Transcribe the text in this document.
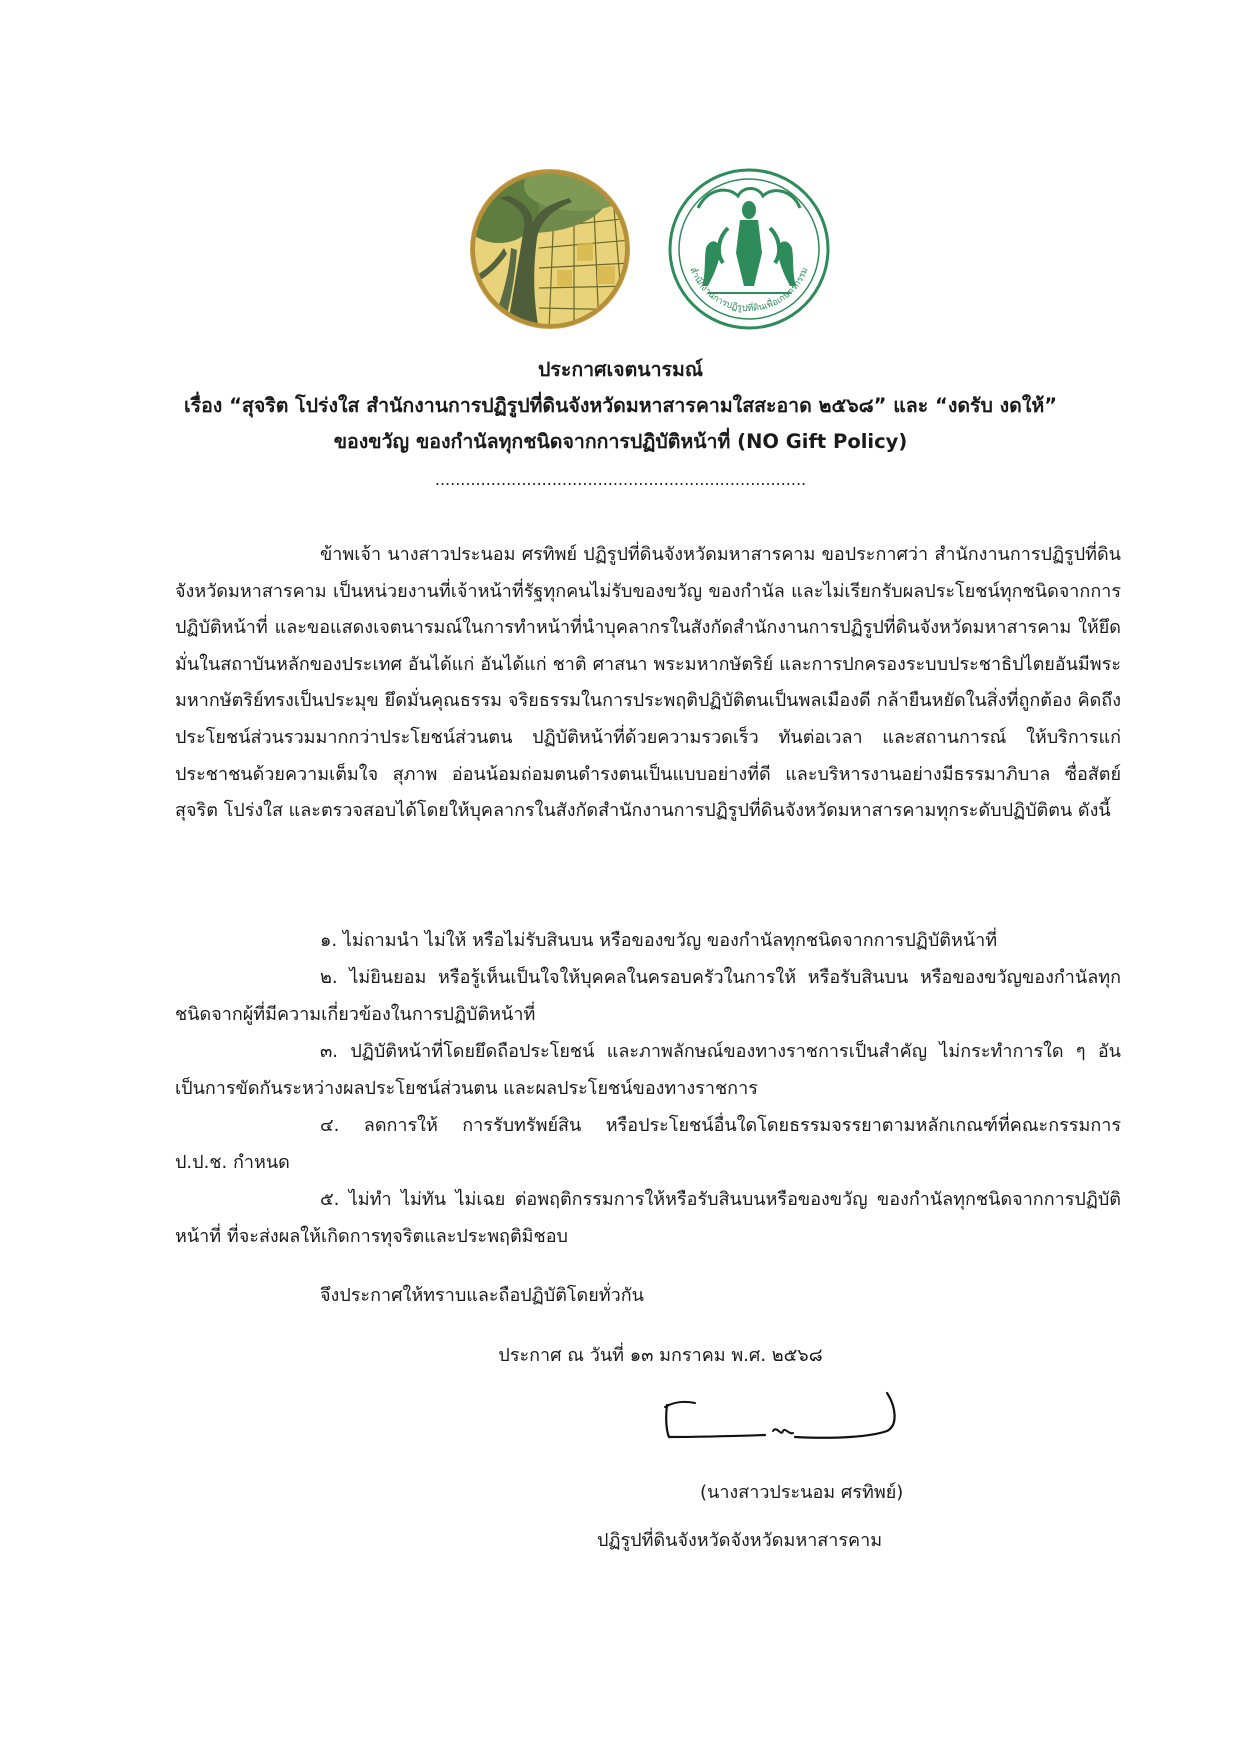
สำนักงานการปฏิรูปที่ดินเพื่อเกษตรกรรม
ประกาศเจตนารมณ์
เรื่อง “สุจริต โปร่งใส สำนักงานการปฏิรูปที่ดินจังหวัดมหาสารคามใสสะอาด ๒๕๖๘” และ “งดรับ งดให้”
ของขวัญ ของกำนัลทุกชนิดจากการปฏิบัติหน้าที่ (NO Gift Policy)
.........................................................................
ข้าพเจ้า นางสาวประนอม ศรทิพย์ ปฏิรูปที่ดินจังหวัดมหาสารคาม ขอประกาศว่า สำนักงานการปฏิรูปที่ดินจังหวัดมหาสารคาม เป็นหน่วยงานที่เจ้าหน้าที่รัฐทุกคนไม่รับของขวัญ ของกำนัล และไม่เรียกรับผลประโยชน์ทุกชนิดจากการปฏิบัติหน้าที่ และขอแสดงเจตนารมณ์ในการทำหน้าที่นำบุคลากรในสังกัดสำนักงานการปฏิรูปที่ดินจังหวัดมหาสารคาม ให้ยึดมั่นในสถาบันหลักของประเทศ อันได้แก่ อันได้แก่ ชาติ ศาสนา พระมหากษัตริย์ และการปกครองระบบประชาธิปไตยอันมีพระมหากษัตริย์ทรงเป็นประมุข ยึดมั่นคุณธรรม จริยธรรมในการประพฤติปฏิบัติตนเป็นพลเมืองดี กล้ายืนหยัดในสิ่งที่ถูกต้อง คิดถึงประโยชน์ส่วนรวมมากกว่าประโยชน์ส่วนตน ปฏิบัติหน้าที่ด้วยความรวดเร็ว ทันต่อเวลา และสถานการณ์ ให้บริการแก่ประชาชนด้วยความเต็มใจ สุภาพ อ่อนน้อมถ่อมตนดำรงตนเป็นแบบอย่างที่ดี และบริหารงานอย่างมีธรรมาภิบาล ซื่อสัตย์สุจริต โปร่งใส และตรวจสอบได้โดยให้บุคลากรในสังกัดสำนักงานการปฏิรูปที่ดินจังหวัดมหาสารคามทุกระดับปฏิบัติตน ดังนี้

๑. ไม่ถามนำ ไม่ให้ หรือไม่รับสินบน หรือของขวัญ ของกำนัลทุกชนิดจากการปฏิบัติหน้าที่

๒. ไม่ยินยอม หรือรู้เห็นเป็นใจให้บุคคลในครอบครัวในการให้ หรือรับสินบน หรือของขวัญของกำนัลทุกชนิดจากผู้ที่มีความเกี่ยวข้องในการปฏิบัติหน้าที่

๓. ปฏิบัติหน้าที่โดยยึดถือประโยชน์ และภาพลักษณ์ของทางราชการเป็นสำคัญ ไม่กระทำการใด ๆ อันเป็นการขัดกันระหว่างผลประโยชน์ส่วนตน และผลประโยชน์ของทางราชการ

๔. ลดการให้ การรับทรัพย์สิน หรือประโยชน์อื่นใดโดยธรรมจรรยาตามหลักเกณฑ์ที่คณะกรรมการ ป.ป.ช. กำหนด

๕. ไม่ทำ ไม่ทัน ไม่เฉย ต่อพฤติกรรมการให้หรือรับสินบนหรือของขวัญ ของกำนัลทุกชนิดจากการปฏิบัติหน้าที่ ที่จะส่งผลให้เกิดการทุจริตและประพฤติมิชอบ

จึงประกาศให้ทราบและถือปฏิบัติโดยทั่วกัน
ประกาศ ณ วันที่ ๑๓ มกราคม พ.ศ. ๒๕๖๘
(นางสาวประนอม ศรทิพย์)
ปฏิรูปที่ดินจังหวัดจังหวัดมหาสารคาม
